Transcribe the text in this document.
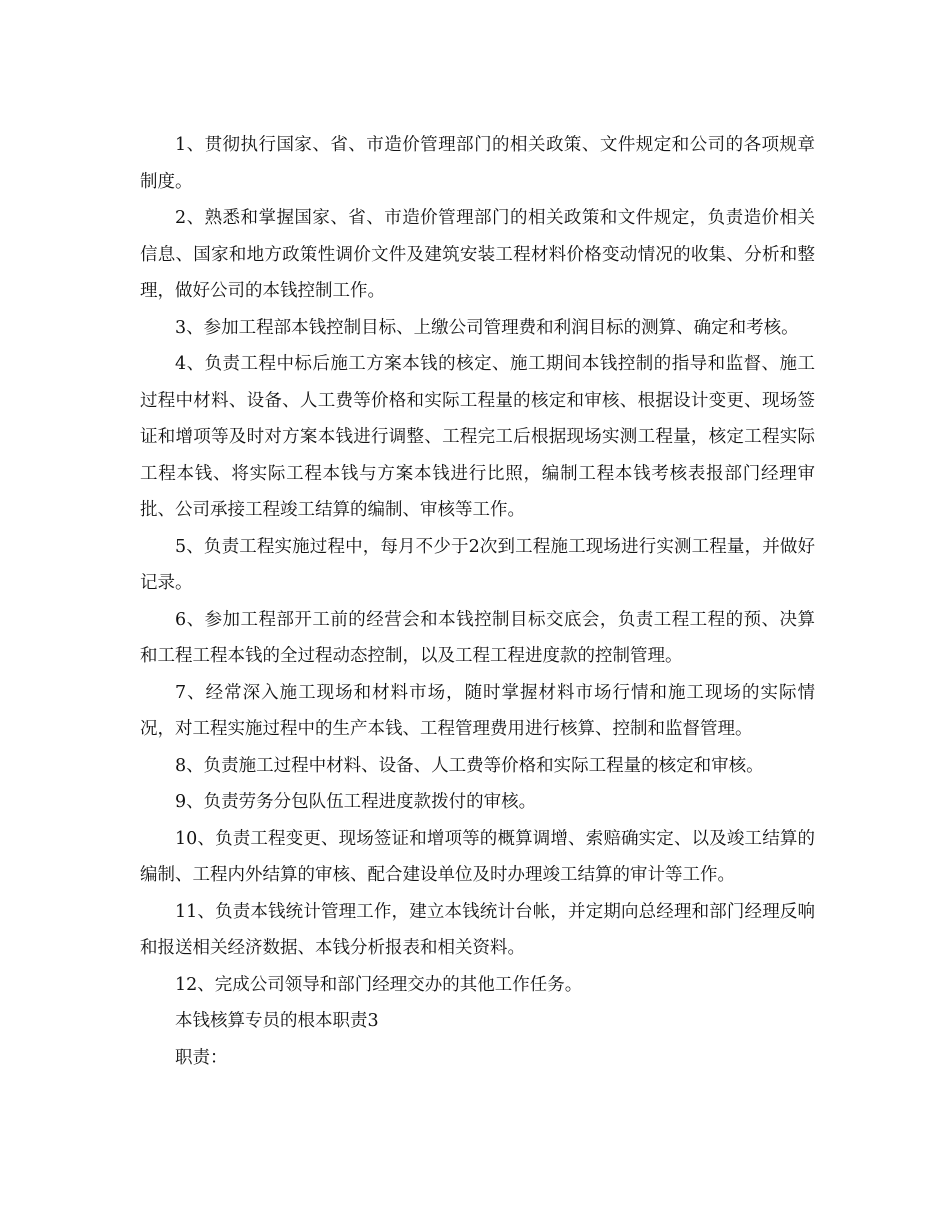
1、贯彻执行国家、省、市造价管理部门的相关政策、文件规定和公司的各项规章制度。

2、熟悉和掌握国家、省、市造价管理部门的相关政策和文件规定，负责造价相关信息、国家和地方政策性调价文件及建筑安装工程材料价格变动情况的收集、分析和整理，做好公司的本钱控制工作。

3、参加工程部本钱控制目标、上缴公司管理费和利润目标的测算、确定和考核。

4、负责工程中标后施工方案本钱的核定、施工期间本钱控制的指导和监督、施工过程中材料、设备、人工费等价格和实际工程量的核定和审核、根据设计变更、现场签证和增项等及时对方案本钱进行调整、工程完工后根据现场实测工程量，核定工程实际工程本钱、将实际工程本钱与方案本钱进行比照，编制工程本钱考核表报部门经理审批、公司承接工程竣工结算的编制、审核等工作。

5、负责工程实施过程中，每月不少于2次到工程施工现场进行实测工程量，并做好记录。

6、参加工程部开工前的经营会和本钱控制目标交底会，负责工程工程的预、决算和工程工程本钱的全过程动态控制，以及工程工程进度款的控制管理。

7、经常深入施工现场和材料市场，随时掌握材料市场行情和施工现场的实际情况，对工程实施过程中的生产本钱、工程管理费用进行核算、控制和监督管理。

8、负责施工过程中材料、设备、人工费等价格和实际工程量的核定和审核。

9、负责劳务分包队伍工程进度款拨付的审核。

10、负责工程变更、现场签证和增项等的概算调增、索赔确实定、以及竣工结算的编制、工程内外结算的审核、配合建设单位及时办理竣工结算的审计等工作。

11、负责本钱统计管理工作，建立本钱统计台帐，并定期向总经理和部门经理反响和报送相关经济数据、本钱分析报表和相关资料。

12、完成公司领导和部门经理交办的其他工作任务。

本钱核算专员的根本职责3

职责：
